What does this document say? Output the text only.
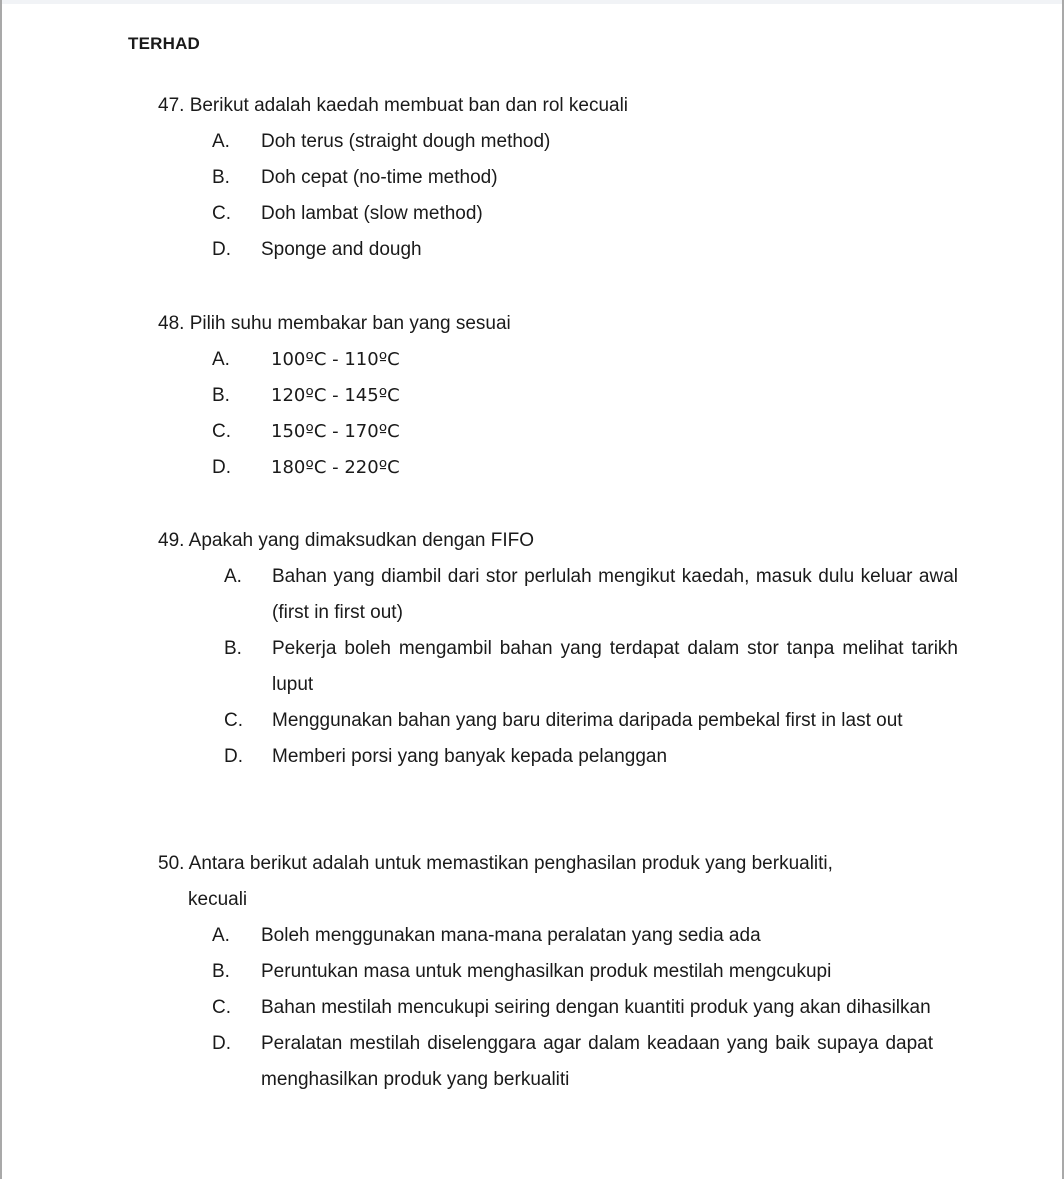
TERHAD
47. Berikut adalah kaedah membuat ban dan rol kecuali
A.	Doh terus (straight dough method)
B.	Doh cepat (no-time method)
C.	Doh lambat (slow method)
D.	Sponge and dough
48. Pilih suhu membakar ban yang sesuai
A.	100ºC - 110ºC
B.	120ºC - 145ºC
C.	150ºC - 170ºC
D.	180ºC - 220ºC
49. Apakah yang dimaksudkan dengan FIFO
A.	Bahan yang diambil dari stor perlulah mengikut kaedah, masuk dulu keluar awal (first in first out)
B.	Pekerja boleh mengambil bahan yang terdapat dalam stor tanpa melihat tarikh luput
C.	Menggunakan bahan yang baru diterima daripada pembekal first in last out
D.	Memberi porsi yang banyak kepada pelanggan
50. Antara berikut adalah untuk memastikan penghasilan produk yang berkualiti,
kecuali
A.	Boleh menggunakan mana-mana peralatan yang sedia ada
B.	Peruntukan masa untuk menghasilkan produk mestilah mengcukupi
C.	Bahan mestilah mencukupi seiring dengan kuantiti produk yang akan dihasilkan
D.	Peralatan mestilah diselenggara agar dalam keadaan yang baik supaya dapat menghasilkan produk yang berkualiti
